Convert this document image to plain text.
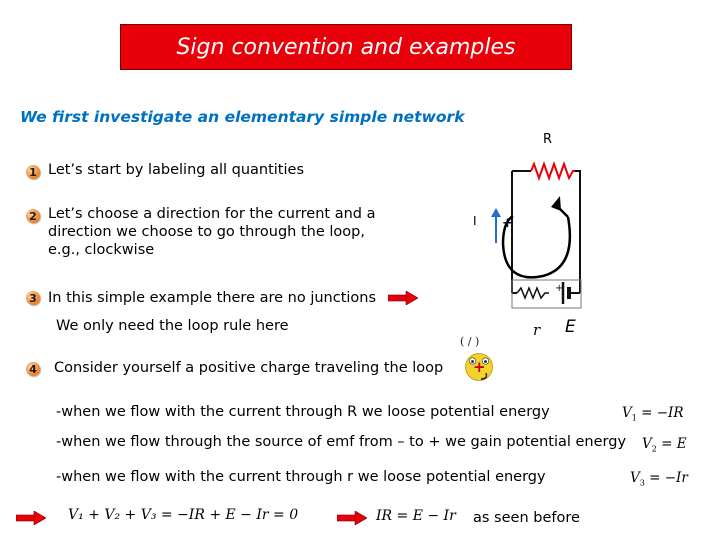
Sign convention and examples
We first investigate an elementary simple network
1 Let’s start by labeling all quantities
2 Let’s choose a direction for the current and a
direction we choose to go through the loop,
e.g., clockwise
3 In this simple example there are no junctions
We only need the loop rule here
4 Consider yourself a positive charge traveling the loop
( / )
+
+
R
I +
r E
-when we flow with the current through R we loose potential energy
-when we flow through the source of emf from – to + we gain potential energy
-when we flow with the current through r we loose potential energy
$V_1 = -IR$
$V_2 = E$
$V_3 = -Ir$
V₁ + V₂ + V₃ = −IR + E − Ir = 0	IR = E − Ir as seen before
